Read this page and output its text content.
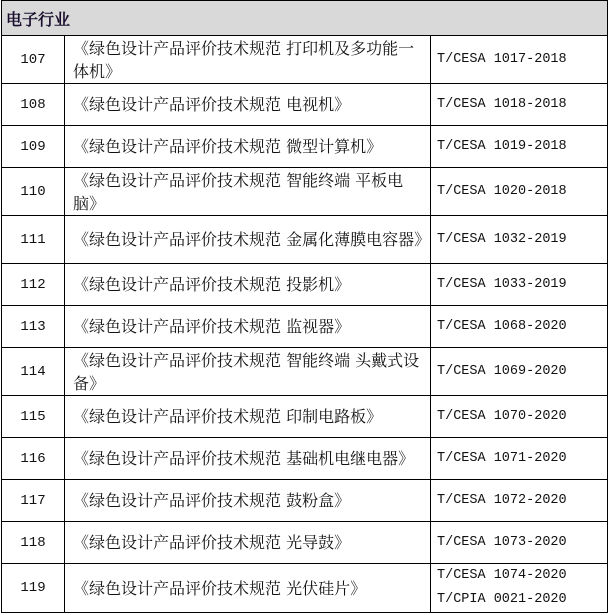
电子行业		
107	《绿色设计产品评价技术规范 打印机及多功能一体机》	T/CESA 1017-2018

108	《绿色设计产品评价技术规范 电视机》	T/CESA 1018-2018

109	《绿色设计产品评价技术规范 微型计算机》	T/CESA 1019-2018

110	《绿色设计产品评价技术规范 智能终端 平板电脑》	T/CESA 1020-2018

111	《绿色设计产品评价技术规范 金属化薄膜电容器》	T/CESA 1032-2019

112	《绿色设计产品评价技术规范 投影机》	T/CESA 1033-2019

113	《绿色设计产品评价技术规范 监视器》	T/CESA 1068-2020

114	《绿色设计产品评价技术规范 智能终端 头戴式设备》	T/CESA 1069-2020

115	《绿色设计产品评价技术规范 印制电路板》	T/CESA 1070-2020

116	《绿色设计产品评价技术规范 基础机电继电器》	T/CESA 1071-2020

117	《绿色设计产品评价技术规范 鼓粉盒》	T/CESA 1072-2020

118	《绿色设计产品评价技术规范 光导鼓》	T/CESA 1073-2020

119	《绿色设计产品评价技术规范 光伏硅片》	T/CESA 1074-2020
T/CPIA 0021-2020
